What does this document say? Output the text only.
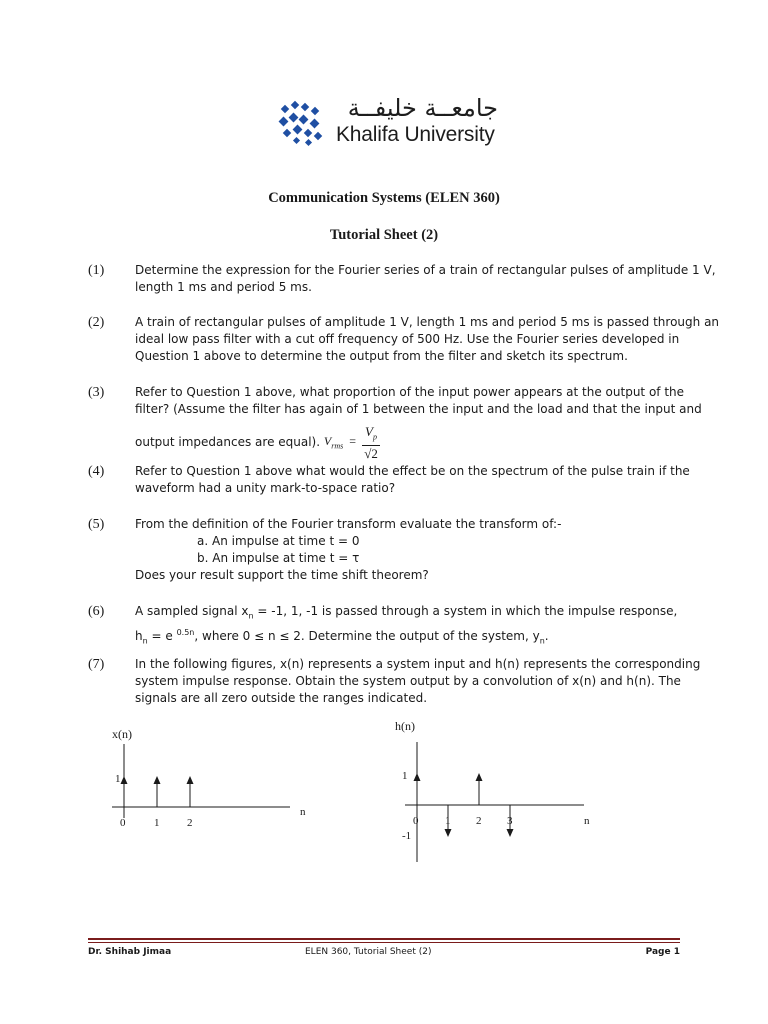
جامعــة خليفــة
Khalifa University
Communication Systems (ELEN 360)
Tutorial Sheet (2)
(1)	Determine the expression for the Fourier series of a train of rectangular pulses of amplitude 1 V,
length 1 ms and period 5 ms.
(2)	A train of rectangular pulses of amplitude 1 V, length 1 ms and period 5 ms is passed through an
ideal low pass filter with a cut off frequency of 500 Hz. Use the Fourier series developed in
Question 1 above to determine the output from the filter and sketch its spectrum.
(3)	Refer to Question 1 above, what proportion of the input power appears at the output of the
filter? (Assume the filter has again of 1 between the input and the load and that the input and
output impedances are equal). $V_{rms} = \frac{V_p}{√2}$
(4)	Refer to Question 1 above what would the effect be on the spectrum of the pulse train if the
waveform had a unity mark-to-space ratio?
(5)	From the definition of the Fourier transform evaluate the transform of:-
a. An impulse at time t = 0
b. An impulse at time t = τ
Does your result support the time shift theorem?
(6)	A sampled signal $x_n = -1$, 1, -1 is passed through a system in which the impulse response,
$h_n = e$ $^{0.5n}$, where 0 ≤ n ≤ 2. Determine the output of the system, $y_n$.
(7)	In the following figures, x(n) represents a system input and h(n) represents the corresponding
system impulse response. Obtain the system output by a convolution of x(n) and h(n). The
signals are all zero outside the ranges indicated.
x(n)
n
0	1	2
1
h(n)
n
0 1 2 3
1
-1
Dr. Shihab Jimaa	ELEN 360, Tutorial Sheet (2)	Page 1
